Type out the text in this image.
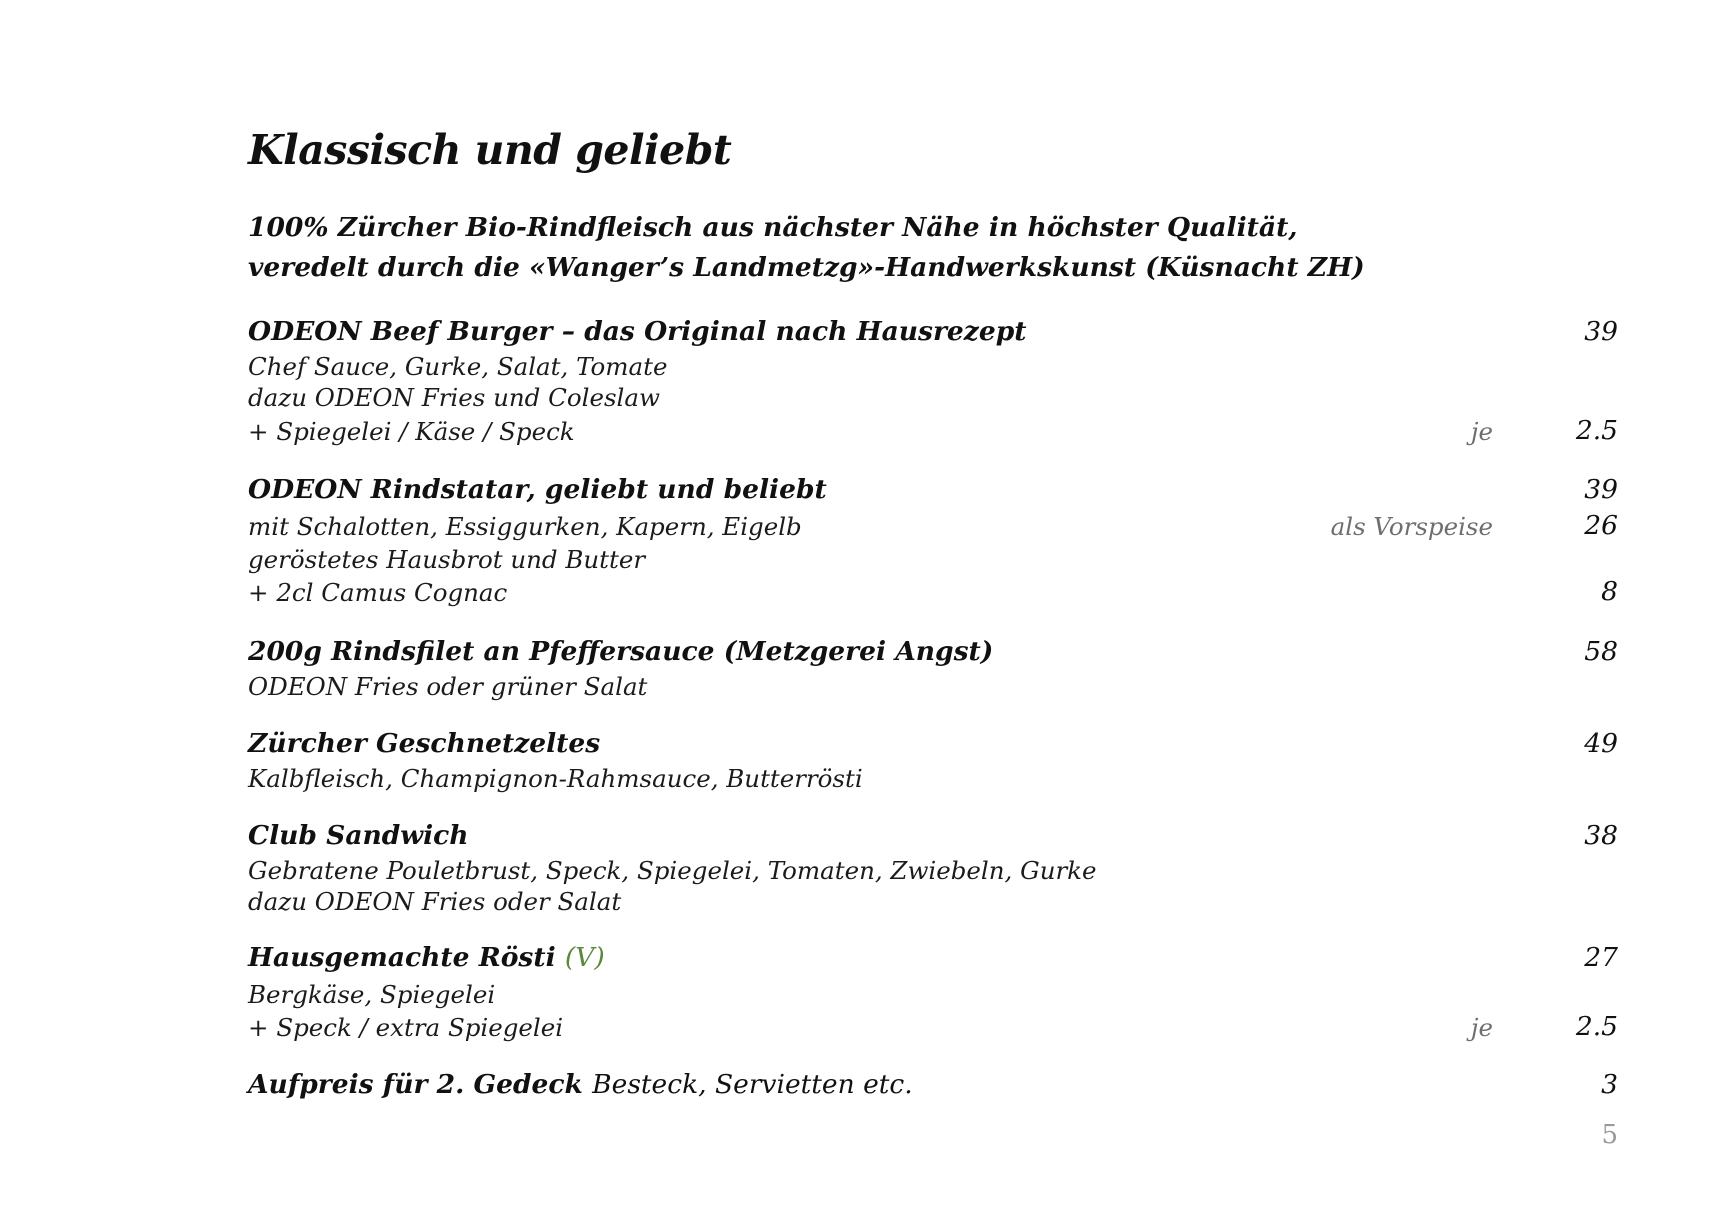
Klassisch und geliebt
100% Zürcher Bio-Rindfleisch aus nächster Nähe in höchster Qualität,
veredelt durch die «Wanger’s Landmetzg»-Handwerkskunst (Küsnacht ZH)
ODEON Beef Burger – das Original nach Hausrezept	39
Chef Sauce, Gurke, Salat, Tomate
dazu ODEON Fries und Coleslaw
+ Spiegelei / Käse / Speck	je	2.5
ODEON Rindstatar, geliebt und beliebt	39
mit Schalotten, Essiggurken, Kapern, Eigelb	als Vorspeise	26
geröstetes Hausbrot und Butter
+ 2cl Camus Cognac	8
200g Rindsfilet an Pfeffersauce (Metzgerei Angst)	58
ODEON Fries oder grüner Salat
Zürcher Geschnetzeltes	49
Kalbfleisch, Champignon-Rahmsauce, Butterrösti
Club Sandwich	38
Gebratene Pouletbrust, Speck, Spiegelei, Tomaten, Zwiebeln, Gurke
dazu ODEON Fries oder Salat
Hausgemachte Rösti (V)	27
Bergkäse, Spiegelei
+ Speck / extra Spiegelei	je	2.5
Aufpreis für 2. Gedeck Besteck, Servietten etc.	3
5
